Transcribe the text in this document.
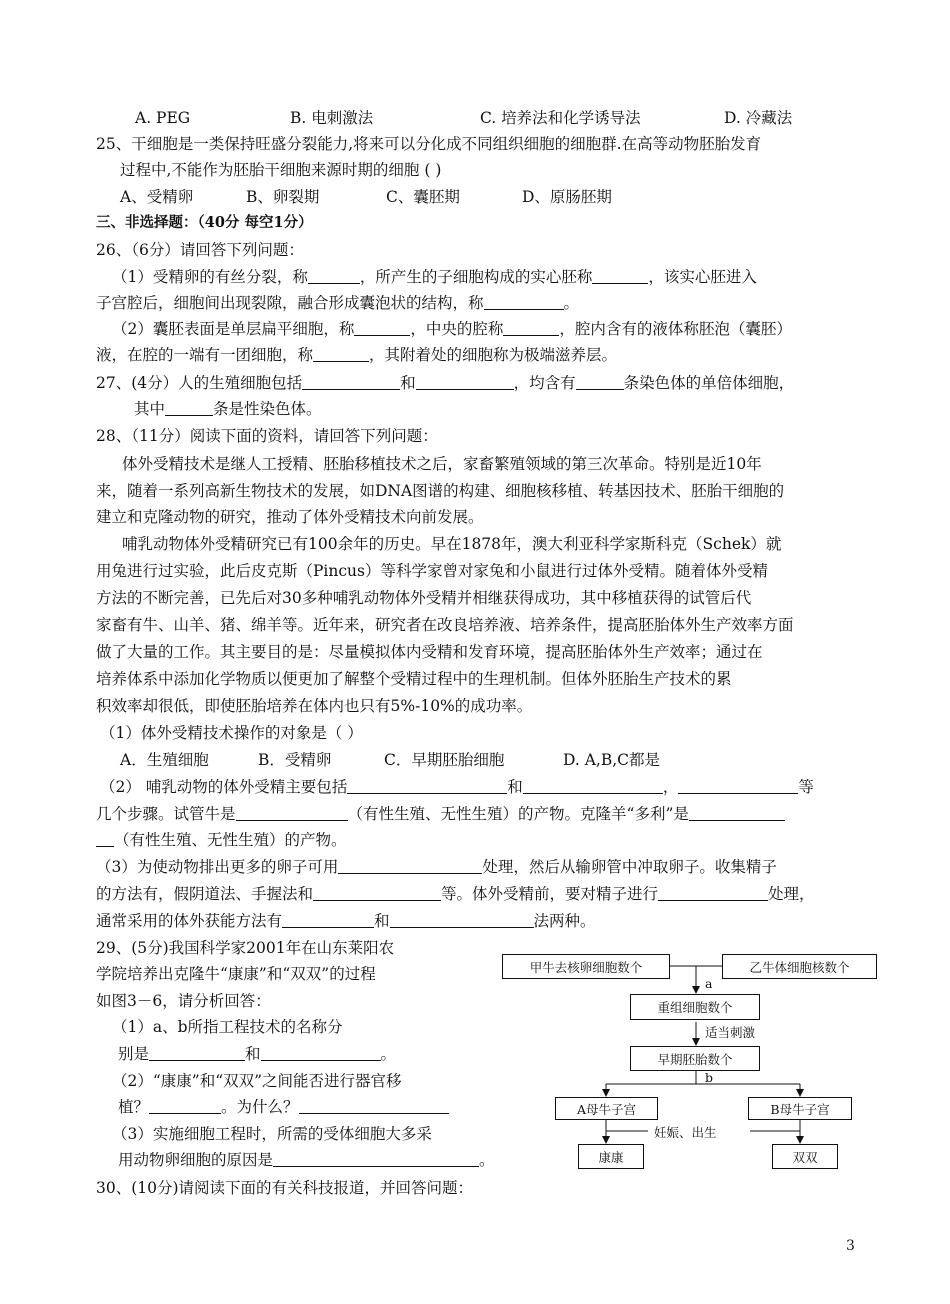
A. PEG	B. 电刺激法	C. 培养法和化学诱导法	D. 冷藏法
25、干细胞是一类保持旺盛分裂能力,将来可以分化成不同组织细胞的细胞群.在高等动物胚胎发育
过程中,不能作为胚胎干细胞来源时期的细胞 ( )
A、受精卵	B、卵裂期	C、囊胚期	D、原肠胚期
三、非选择题：（40分 每空1分）
26、（6分）请回答下列问题：
（1）受精卵的有丝分裂，称	，所产生的子细胞构成的实心胚称	，该实心胚进入
子宫腔后，细胞间出现裂隙，融合形成囊泡状的结构，称	。
（2）囊胚表面是单层扁平细胞，称	，中央的腔称	，腔内含有的液体称胚泡（囊胚）
液，在腔的一端有一团细胞，称	，其附着处的细胞称为极端滋养层。
27、(4分）人的生殖细胞包括	和	，均含有	条染色体的单倍体细胞，
其中	条是性染色体。
28、（11分）阅读下面的资料，请回答下列问题：
体外受精技术是继人工授精、胚胎移植技术之后，家畜繁殖领域的第三次革命。特别是近10年
来，随着一系列高新生物技术的发展，如DNA图谱的构建、细胞核移植、转基因技术、胚胎干细胞的
建立和克隆动物的研究，推动了体外受精技术向前发展。
哺乳动物体外受精研究已有100余年的历史。早在1878年，澳大利亚科学家斯科克（Schek）就
用兔进行过实验，此后皮克斯（Pincus）等科学家曾对家兔和小鼠进行过体外受精。随着体外受精
方法的不断完善，已先后对30多种哺乳动物体外受精并相继获得成功，其中移植获得的试管后代
家畜有牛、山羊、猪、绵羊等。近年来，研究者在改良培养液、培养条件，提高胚胎体外生产效率方面
做了大量的工作。其主要目的是：尽量模拟体内受精和发育环境，提高胚胎体外生产效率；通过在
培养体系中添加化学物质以便更加了解整个受精过程中的生理机制。但体外胚胎生产技术的累
积效率却很低，即使胚胎培养在体内也只有5%-10%的成功率。
（1）体外受精技术操作的对象是（ ）
A．生殖细胞	B．受精卵	C．早期胚胎细胞	D. A,B,C都是
（2） 哺乳动物的体外受精主要包括	和	，	等
几个步骤。试管牛是	（有性生殖、无性生殖）的产物。克隆羊“多利”是
（有性生殖、无性生殖）的产物。
（3）为使动物排出更多的卵子可用	处理，然后从输卵管中冲取卵子。收集精子
的方法有，假阴道法、手握法和	等。体外受精前，要对精子进行	处理，
通常采用的体外获能方法有	和	法两种。
29、(5分)我国科学家2001年在山东莱阳农
学院培养出克隆牛“康康”和“双双”的过程
如图3－6，请分析回答：
（1）a、b所指工程技术的名称分
别是	和	。
（2）“康康”和“双双”之间能否进行器官移
植？	。为什么？
（3）实施细胞工程时，所需的受体细胞大多采
用动物卵细胞的原因是	。
30、(10分)请阅读下面的有关科技报道，并回答问题：
甲牛去核卵细胞数个	乙牛体细胞核数个
a
重组细胞数个
适当刺激
早期胚胎数个
b
A母牛子宫	B母牛子宫
妊娠、出生
康康	双双
3
